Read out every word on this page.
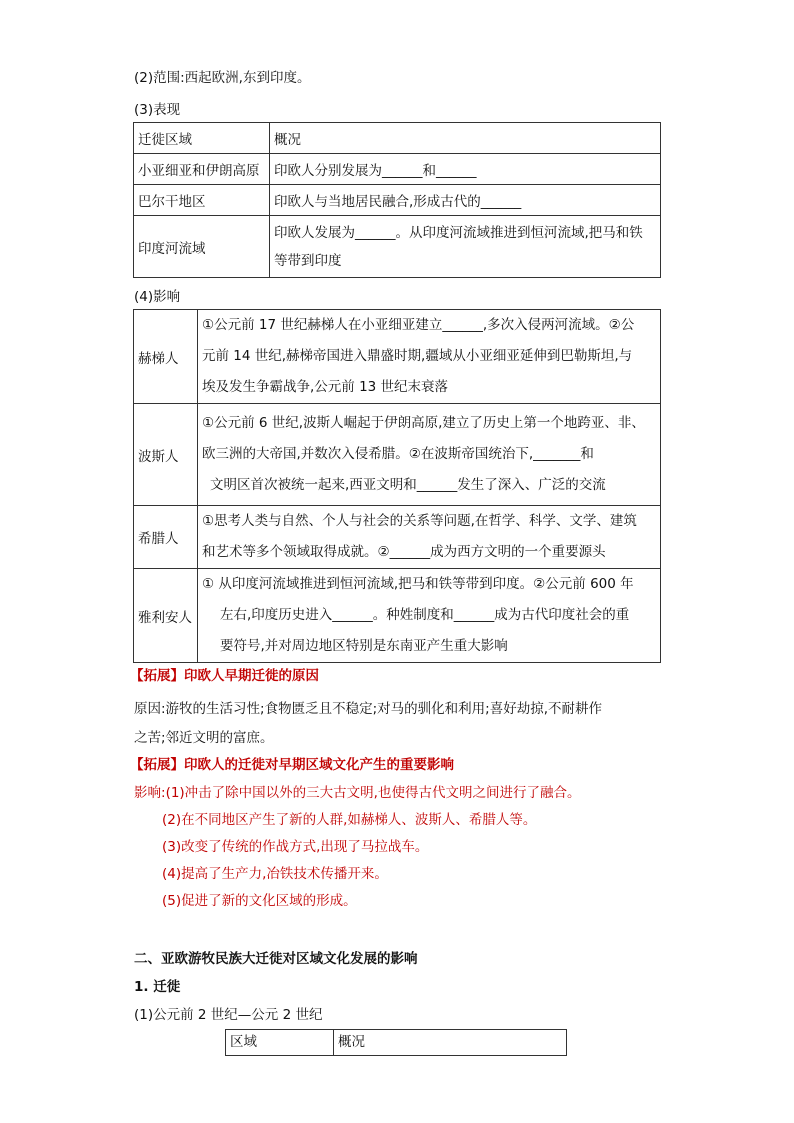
(2)范围:西起欧洲,东到印度。
(3)表现
迁徙区域	概况
小亚细亚和伊朗高原	印欧人分别发展为______和______
巴尔干地区	印欧人与当地居民融合,形成古代的______
印度河流域	印欧人发展为______。从印度河流域推进到恒河流域,把马和铁等带到印度
(4)影响
赫梯人	①公元前 17 世纪赫梯人在小亚细亚建立______,多次入侵两河流域。②公
元前 14 世纪,赫梯帝国进入鼎盛时期,疆域从小亚细亚延伸到巴勒斯坦,与
埃及发生争霸战争,公元前 13 世纪末衰落

波斯人	①公元前 6 世纪,波斯人崛起于伊朗高原,建立了历史上第一个地跨亚、非、
欧三洲的大帝国,并数次入侵希腊。②在波斯帝国统治下,_______和
文明区首次被统一起来,西亚文明和______发生了深入、广泛的交流

希腊人	①思考人类与自然、个人与社会的关系等问题,在哲学、科学、文学、建筑
和艺术等多个领域取得成就。②______成为西方文明的一个重要源头

雅利安人	① 从印度河流域推进到恒河流域,把马和铁等带到印度。②公元前 600 年
左右,印度历史进入______。种姓制度和______成为古代印度社会的重
要符号,并对周边地区特别是东南亚产生重大影响
【拓展】印欧人早期迁徙的原因
原因:游牧的生活习性;食物匮乏且不稳定;对马的驯化和利用;喜好劫掠,不耐耕作
之苦;邻近文明的富庶。
【拓展】印欧人的迁徙对早期区域文化产生的重要影响
影响:(1)冲击了除中国以外的三大古文明,也使得古代文明之间进行了融合。
(2)在不同地区产生了新的人群,如赫梯人、波斯人、希腊人等。
(3)改变了传统的作战方式,出现了马拉战车。
(4)提高了生产力,冶铁技术传播开来。
(5)促进了新的文化区域的形成。
二、亚欧游牧民族大迁徙对区域文化发展的影响
1. 迁徙
(1)公元前 2 世纪—公元 2 世纪
区域	概况
